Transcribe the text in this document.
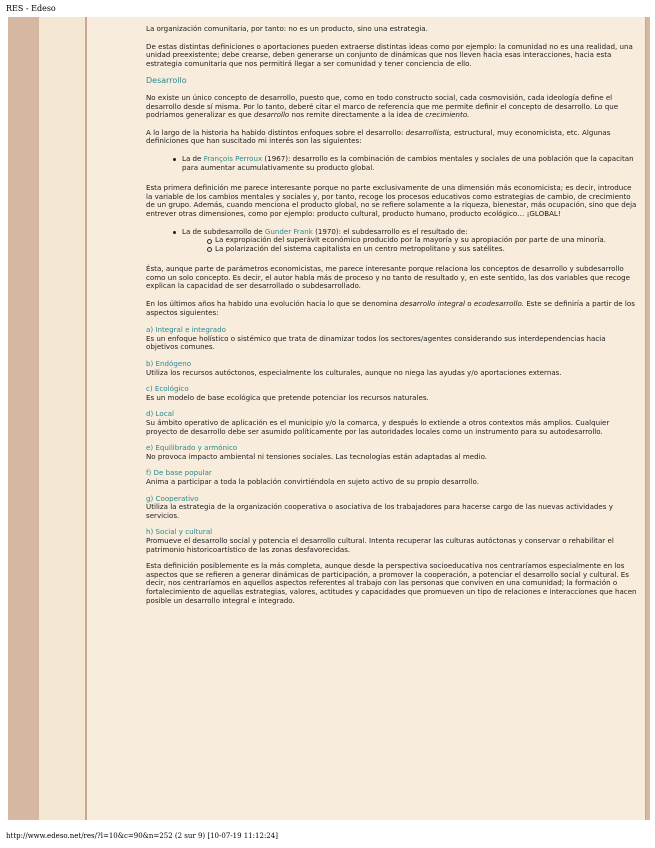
RES - Edeso

La organización comunitaria, por tanto: no es un producto, sino una estrategia.

De estas distintas definiciones o aportaciones pueden extraerse distintas ideas como por ejemplo: la comunidad no es una realidad, una unidad preexistente; debe crearse, deben generarse un conjunto de dinámicas que nos lleven hacia esas interacciones, hacia esta estrategia comunitaria que nos permitirá llegar a ser comunidad y tener conciencia de ello.

Desarrollo

No existe un único concepto de desarrollo, puesto que, como en todo constructo social, cada cosmovisión, cada ideología define el desarrollo desde sí misma. Por lo tanto, deberé citar el marco de referencia que me permite definir el concepto de desarrollo. Lo que podríamos generalizar es que desarrollo nos remite directamente a la idea de crecimiento.

A lo largo de la historia ha habido distintos enfoques sobre el desarrollo: desarrollista, estructural, muy economicista, etc. Algunas definiciones que han suscitado mi interés son las siguientes:

La de François Perroux (1967): desarrollo es la combinación de cambios mentales y sociales de una población que la capacitan para aumentar acumulativamente su producto global.

Esta primera definición me parece interesante porque no parte exclusivamente de una dimensión más economicista; es decir, introduce la variable de los cambios mentales y sociales y, por tanto, recoge los procesos educativos como estrategias de cambio, de crecimiento de un grupo. Además, cuando menciona el producto global, no se refiere solamente a la riqueza, bienestar, más ocupación, sino que deja entrever otras dimensiones, como por ejemplo: producto cultural, producto humano, producto ecológico… ¡GLOBAL!

La de subdesarrollo de Gunder Frank (1970): el subdesarrollo es el resultado de:
La expropiación del superávit económico producido por la mayoría y su apropiación por parte de una minoría.
La polarización del sistema capitalista en un centro metropolitano y sus satélites.

Ésta, aunque parte de parámetros economicistas, me parece interesante porque relaciona los conceptos de desarrollo y subdesarrollo como un solo concepto. Es decir, el autor habla más de proceso y no tanto de resultado y, en este sentido, las dos variables que recoge explican la capacidad de ser desarrollado o subdesarrollado.

En los últimos años ha habido una evolución hacia lo que se denomina desarrollo integral o ecodesarrollo. Este se definiría a partir de los aspectos siguientes:

a) Integral e integrado
Es un enfoque holístico o sistémico que trata de dinamizar todos los sectores/agentes considerando sus interdependencias hacia objetivos comunes.
b) Endógeno
Utiliza los recursos autóctonos, especialmente los culturales, aunque no niega las ayudas y/o aportaciones externas.
c) Ecológico
Es un modelo de base ecológica que pretende potenciar los recursos naturales.
d) Local
Su ámbito operativo de aplicación es el municipio y/o la comarca, y después lo extiende a otros contextos más amplios. Cualquier proyecto de desarrollo debe ser asumido políticamente por las autoridades locales como un instrumento para su autodesarrollo.
e) Equilibrado y armónico
No provoca impacto ambiental ni tensiones sociales. Las tecnologías están adaptadas al medio.
f) De base popular
Anima a participar a toda la población convirtiéndola en sujeto activo de su propio desarrollo.
g) Cooperativo
Utiliza la estrategia de la organización cooperativa o asociativa de los trabajadores para hacerse cargo de las nuevas actividades y servicios.
h) Social y cultural
Promueve el desarrollo social y potencia el desarrollo cultural. Intenta recuperar las culturas autóctonas y conservar o rehabilitar el patrimonio historicoartístico de las zonas desfavorecidas.

Esta definición posiblemente es la más completa, aunque desde la perspectiva socioeducativa nos centraríamos especialmente en los aspectos que se refieren a generar dinámicas de participación, a promover la cooperación, a potenciar el desarrollo social y cultural. Es decir, nos centraríamos en aquellos aspectos referentes al trabajo con las personas que conviven en una comunidad; la formación o fortalecimiento de aquellas estrategias, valores, actitudes y capacidades que promueven un tipo de relaciones e interacciones que hacen posible un desarrollo integral e integrado.

http://www.edeso.net/res/?l=10&c=90&n=252 (2 sur 9) [10-07-19 11:12:24]
